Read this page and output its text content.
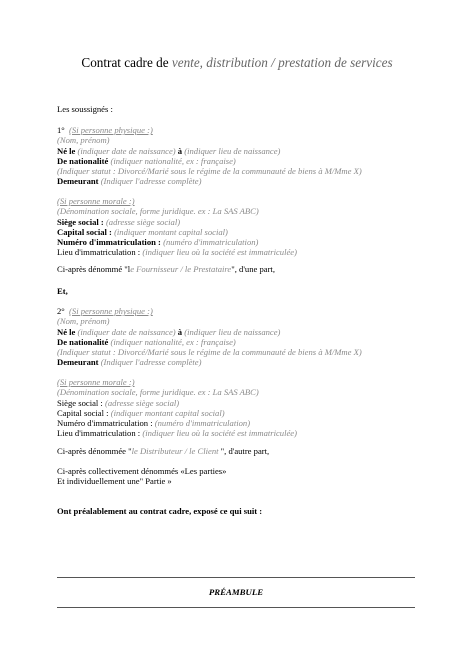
Contrat cadre de vente, distribution / prestation de services
Les soussignés :
1° (Si personne physique :)
(Nom, prénom)
Né le (indiquer date de naissance) à (indiquer lieu de naissance)
De nationalité (indiquer nationalité, ex : française)
(Indiquer statut : Divorcé/Marié sous le régime de la communauté de biens à M/Mme X)
Demeurant (Indiquer l'adresse complète)
(Si personne morale :)
(Dénomination sociale, forme juridique. ex : La SAS ABC)
Siège social : (adresse siège social)
Capital social : (indiquer montant capital social)
Numéro d'immatriculation : (numéro d'immatriculation)
Lieu d'immatriculation : (indiquer lieu où la société est immatriculée)
Ci-après dénommé "le Fournisseur / le Prestataire", d'une part,
Et,
2° (Si personne physique :)
(Nom, prénom)
Né le (indiquer date de naissance) à (indiquer lieu de naissance)
De nationalité (indiquer nationalité, ex : française)
(Indiquer statut : Divorcé/Marié sous le régime de la communauté de biens à M/Mme X)
Demeurant (Indiquer l'adresse complète)
(Si personne morale :)
(Dénomination sociale, forme juridique. ex : La SAS ABC)
Siège social : (adresse siège social)
Capital social : (indiquer montant capital social)
Numéro d'immatriculation : (numéro d'immatriculation)
Lieu d'immatriculation : (indiquer lieu où la société est immatriculée)
Ci-après dénommée "le Distributeur / le Client ", d'autre part,
Ci-après collectivement dénommés «Les parties»
Et individuellement une" Partie »
Ont préalablement au contrat cadre, exposé ce qui suit :
PRÉAMBULE
